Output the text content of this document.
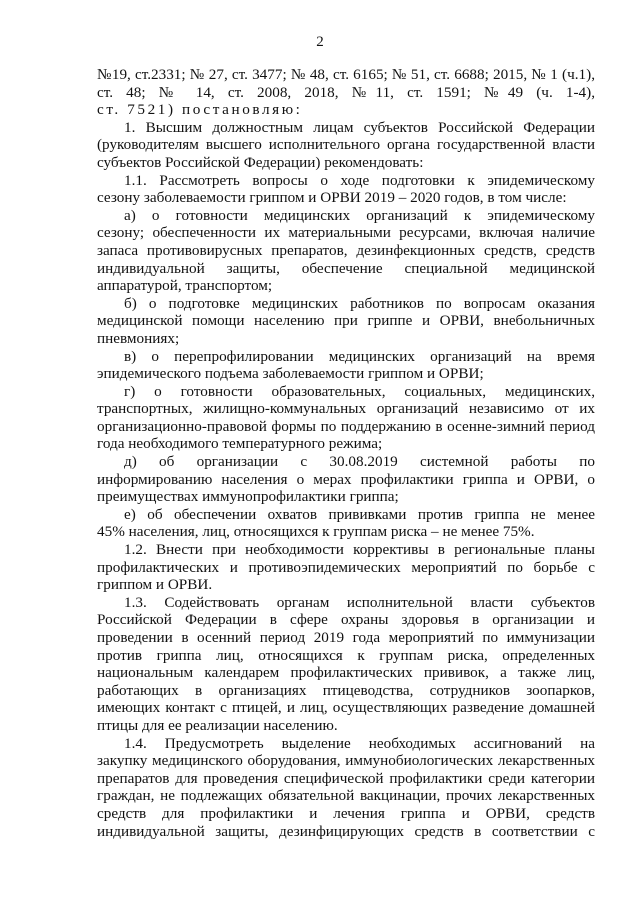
2
№19, ст.2331; № 27, ст. 3477; № 48, ст. 6165; № 51, ст. 6688; 2015, № 1 (ч.1),
ст. 48; № 14, ст. 2008, 2018, №11, ст. 1591; №49 (ч. 1-4),
ст. 7521) постановляю:
1. Высшим должностным лицам субъектов Российской Федерации
(руководителям высшего исполнительного органа государственной власти
субъектов Российской Федерации) рекомендовать:
1.1. Рассмотреть вопросы о ходе подготовки к эпидемическому
сезону заболеваемости гриппом и ОРВИ 2019 – 2020 годов, в том числе:
а) о готовности медицинских организаций к эпидемическому
сезону; обеспеченности их материальными ресурсами, включая наличие
запаса противовирусных препаратов, дезинфекционных средств, средств
индивидуальной защиты, обеспечение специальной медицинской
аппаратурой, транспортом;
б) о подготовке медицинских работников по вопросам оказания
медицинской помощи населению при гриппе и ОРВИ, внебольничных
пневмониях;
в) о перепрофилировании медицинских организаций на время
эпидемического подъема заболеваемости гриппом и ОРВИ;
г) о готовности образовательных, социальных, медицинских,
транспортных, жилищно-коммунальных организаций независимо от их
организационно-правовой формы по поддержанию в осенне-зимний период
года необходимого температурного режима;
д) об организации с 30.08.2019 системной работы по
информированию населения о мерах профилактики гриппа и ОРВИ, о
преимуществах иммунопрофилактики гриппа;
е) об обеспечении охватов прививками против гриппа не менее
45% населения, лиц, относящихся к группам риска – не менее 75%.
1.2. Внести при необходимости коррективы в региональные планы
профилактических и противоэпидемических мероприятий по борьбе с
гриппом и ОРВИ.
1.3. Содействовать органам исполнительной власти субъектов
Российской Федерации в сфере охраны здоровья в организации и
проведении в осенний период 2019 года мероприятий по иммунизации
против гриппа лиц, относящихся к группам риска, определенных
национальным календарем профилактических прививок, а также лиц,
работающих в организациях птицеводства, сотрудников зоопарков,
имеющих контакт с птицей, и лиц, осуществляющих разведение домашней
птицы для ее реализации населению.
1.4. Предусмотреть выделение необходимых ассигнований на
закупку медицинского оборудования, иммунобиологических лекарственных
препаратов для проведения специфической профилактики среди категории
граждан, не подлежащих обязательной вакцинации, прочих лекарственных
средств для профилактики и лечения гриппа и ОРВИ, средств
индивидуальной защиты, дезинфицирующих средств в соответствии с
